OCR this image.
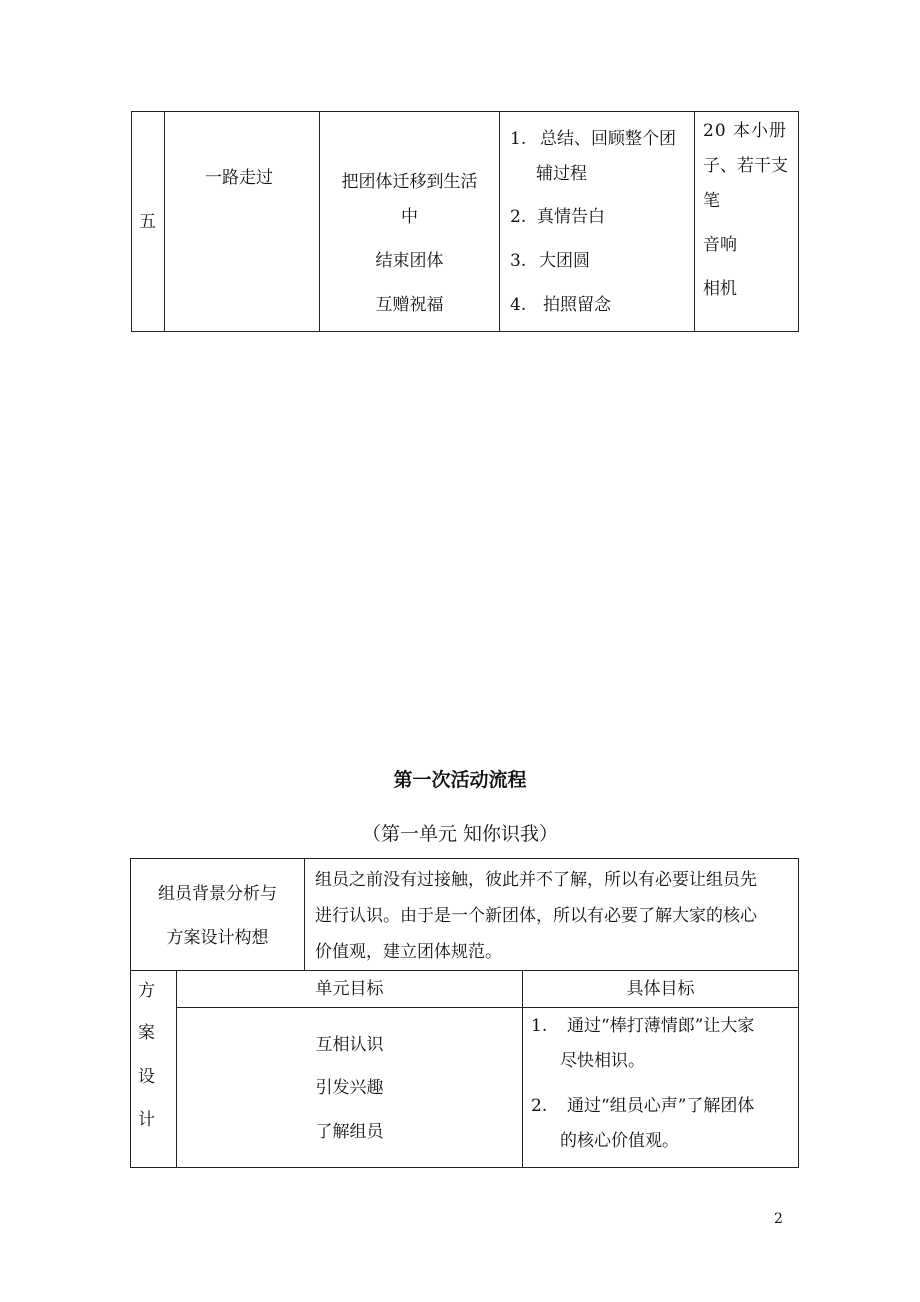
五
一路走过	把团体迁移到生活
中
结束团体
互赠祝福
1. 总结、回顾整个团
辅过程
2. 真情告白
3. 大团圆
4. 拍照留念
20 本小册
子、若干支
笔
音响
相机
第一次活动流程
（第一单元 知你识我）
组员背景分析与
方案设计构想
组员之前没有过接触，彼此并不了解，所以有必要让组员先
进行认识。由于是一个新团体，所以有必要了解大家的核心
价值观，建立团体规范。
方
案
设
计
单元目标	具体目标
互相认识
引发兴趣
了解组员
1. 通过“棒打薄情郎”让大家
尽快相识。
2. 通过“组员心声”了解团体
的核心价值观。
2
